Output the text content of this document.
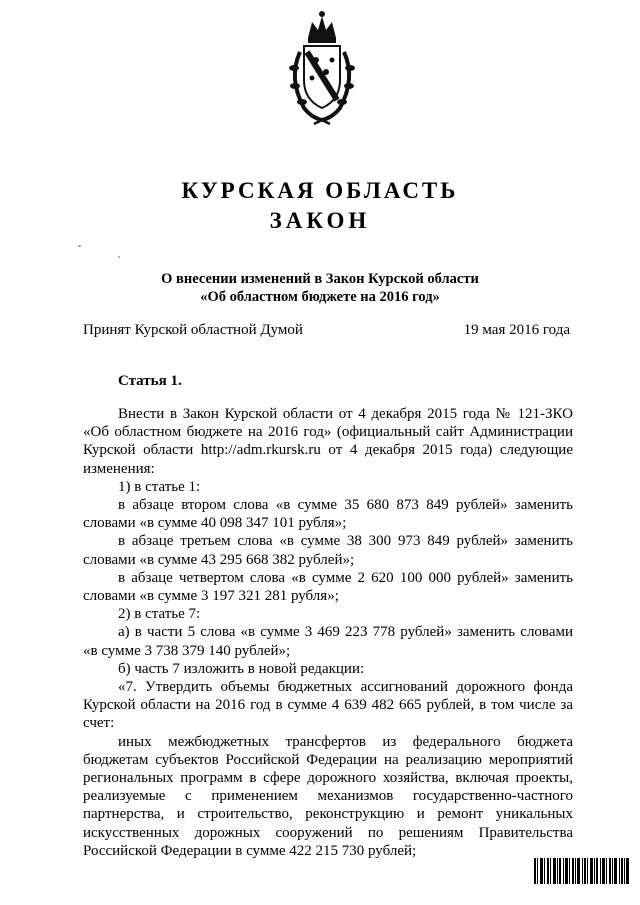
КУРСКАЯ ОБЛАСТЬ
ЗАКОН
О внесении изменений в Закон Курской области
«Об областном бюджете на 2016 год»
Принят Курской областной Думой	19 мая 2016 года
Статья 1.

Внести в Закон Курской области от 4 декабря 2015 года № 121-ЗКО «Об областном бюджете на 2016 год» (официальный сайт Администрации Курской области http://adm.rkursk.ru от 4 декабря 2015 года) следующие изменения:

1) в статье 1:

в абзаце втором слова «в сумме 35 680 873 849 рублей» заменить словами «в сумме 40 098 347 101 рубля»;

в абзаце третьем слова «в сумме 38 300 973 849 рублей» заменить словами «в сумме 43 295 668 382 рублей»;

в абзаце четвертом слова «в сумме 2 620 100 000 рублей» заменить словами «в сумме 3 197 321 281 рубля»;

2) в статье 7:

а) в части 5 слова «в сумме 3 469 223 778 рублей» заменить словами «в сумме 3 738 379 140 рублей»;

б) часть 7 изложить в новой редакции:

«7. Утвердить объемы бюджетных ассигнований дорожного фонда Курской области на 2016 год в сумме 4 639 482 665 рублей, в том числе за счет:

иных межбюджетных трансфертов из федерального бюджета бюджетам субъектов Российской Федерации на реализацию мероприятий региональных программ в сфере дорожного хозяйства, включая проекты, реализуемые с применением механизмов государственно-частного партнерства, и строительство, реконструкцию и ремонт уникальных искусственных дорожных сооружений по решениям Правительства Российской Федерации в сумме 422 215 730 рублей;
